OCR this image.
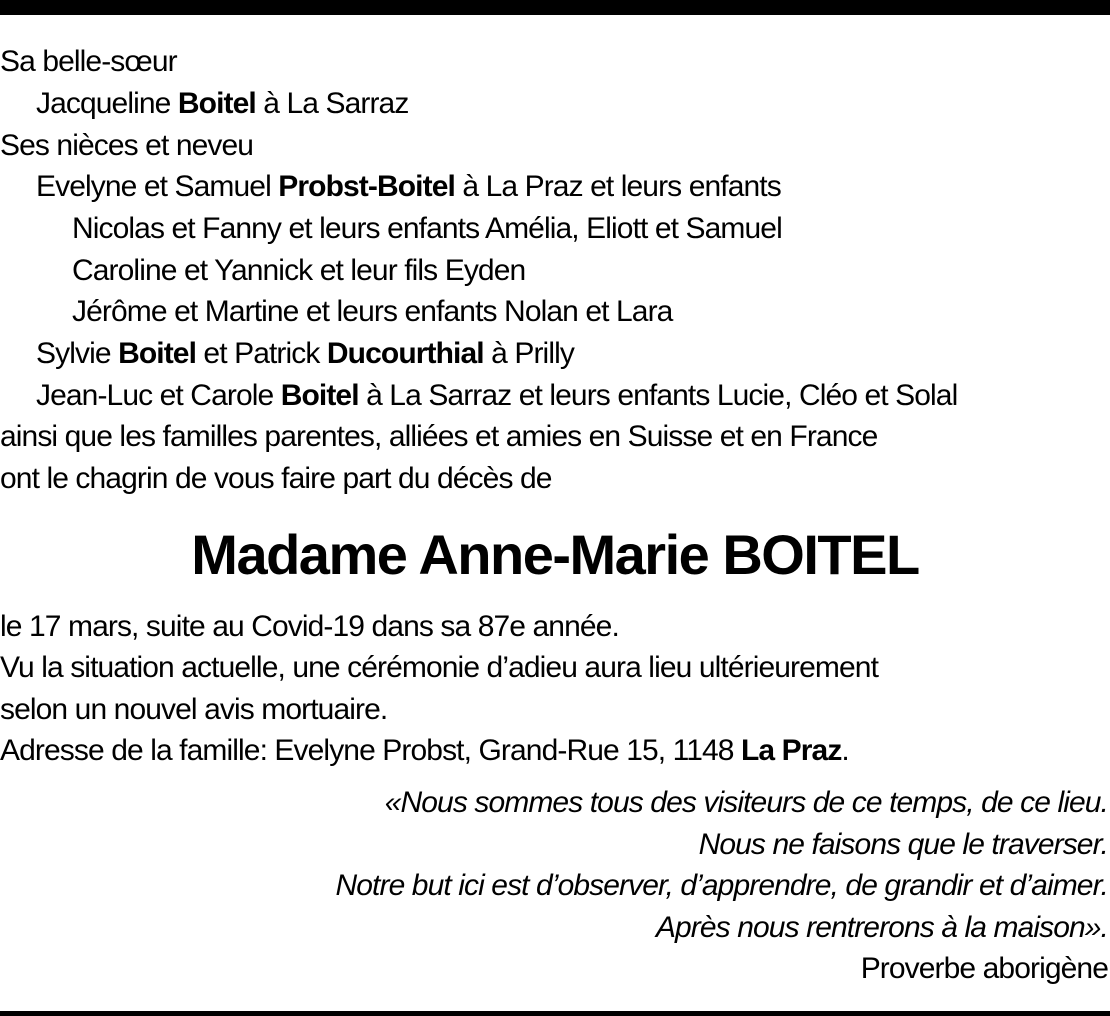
Sa belle-sœur
Jacqueline Boitel à La Sarraz
Ses nièces et neveu
Evelyne et Samuel Probst-Boitel à La Praz et leurs enfants
Nicolas et Fanny et leurs enfants Amélia, Eliott et Samuel
Caroline et Yannick et leur fils Eyden
Jérôme et Martine et leurs enfants Nolan et Lara
Sylvie Boitel et Patrick Ducourthial à Prilly
Jean-Luc et Carole Boitel à La Sarraz et leurs enfants Lucie, Cléo et Solal
ainsi que les familles parentes, alliées et amies en Suisse et en France
ont le chagrin de vous faire part du décès de
Madame Anne-Marie BOITEL
le 17 mars, suite au Covid-19 dans sa 87e année.
Vu la situation actuelle, une cérémonie d’adieu aura lieu ultérieurement
selon un nouvel avis mortuaire.
Adresse de la famille: Evelyne Probst, Grand-Rue 15, 1148 La Praz.
«Nous sommes tous des visiteurs de ce temps, de ce lieu.
Nous ne faisons que le traverser.
Notre but ici est d’observer, d’apprendre, de grandir et d’aimer.
Après nous rentrerons à la maison».
Proverbe aborigène
